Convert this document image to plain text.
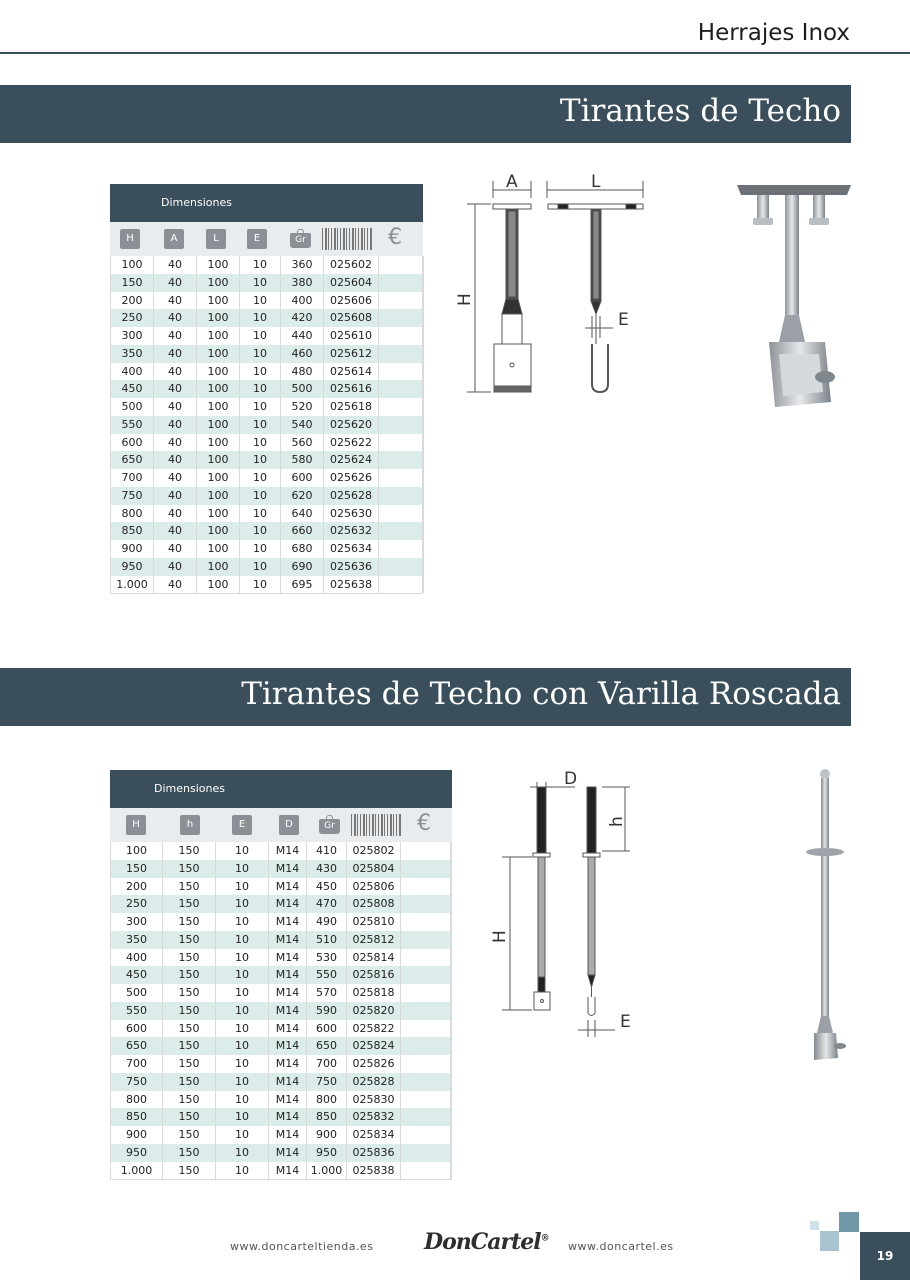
Herrajes Inox
Tirantes de Techo
Dimensiones
H	A	L	E	Gr	€
100	40	100	10	360	025602
150	40	100	10	380	025604
200	40	100	10	400	025606
250	40	100	10	420	025608
300	40	100	10	440	025610
350	40	100	10	460	025612
400	40	100	10	480	025614
450	40	100	10	500	025616
500	40	100	10	520	025618
550	40	100	10	540	025620
600	40	100	10	560	025622
650	40	100	10	580	025624
700	40	100	10	600	025626
750	40	100	10	620	025628
800	40	100	10	640	025630
850	40	100	10	660	025632
900	40	100	10	680	025634
950	40	100	10	690	025636
1.000	40	100	10	695	025638
A	L
H
E
Tirantes de Techo con Varilla Roscada
Dimensiones
H	h	E	D	Gr	€
100	150	10	M14	410	025802
150	150	10	M14	430	025804
200	150	10	M14	450	025806
250	150	10	M14	470	025808
300	150	10	M14	490	025810
350	150	10	M14	510	025812
400	150	10	M14	530	025814
450	150	10	M14	550	025816
500	150	10	M14	570	025818
550	150	10	M14	590	025820
600	150	10	M14	600	025822
650	150	10	M14	650	025824
700	150	10	M14	700	025826
750	150	10	M14	750	025828
800	150	10	M14	800	025830
850	150	10	M14	850	025832
900	150	10	M14	900	025834
950	150	10	M14	950	025836
1.000	150	10	M14	1.000 025838
D
h
H
E
www.doncarteltienda.es DonCartel®
www.doncartel.es
19
